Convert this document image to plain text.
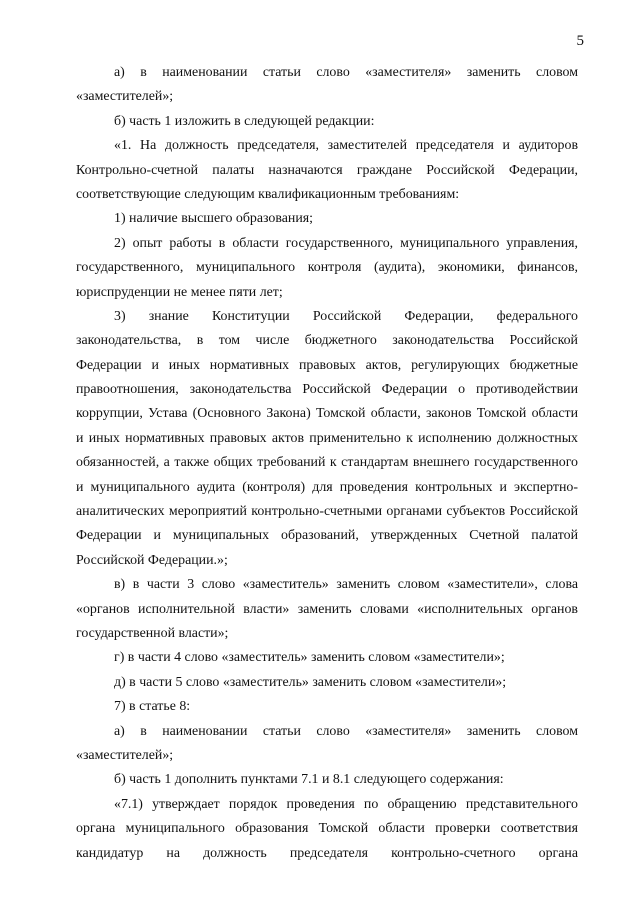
5
а) в наименовании статьи слово «заместителя» заменить словом
«заместителей»;
б) часть 1 изложить в следующей редакции:
«1. На должность председателя, заместителей председателя и аудиторов
Контрольно-счетной палаты назначаются граждане Российской Федерации,
соответствующие следующим квалификационным требованиям:
1) наличие высшего образования;
2) опыт работы в области государственного, муниципального управления,
государственного, муниципального контроля (аудита), экономики, финансов,
юриспруденции не менее пяти лет;
3) знание Конституции Российской Федерации, федерального
законодательства, в том числе бюджетного законодательства Российской
Федерации и иных нормативных правовых актов, регулирующих бюджетные
правоотношения, законодательства Российской Федерации о противодействии
коррупции, Устава (Основного Закона) Томской области, законов Томской области
и иных нормативных правовых актов применительно к исполнению должностных
обязанностей, а также общих требований к стандартам внешнего государственного
и муниципального аудита (контроля) для проведения контрольных и экспертно-
аналитических мероприятий контрольно-счетными органами субъектов Российской
Федерации и муниципальных образований, утвержденных Счетной палатой
Российской Федерации.»;
в) в части 3 слово «заместитель» заменить словом «заместители», слова
«органов исполнительной власти» заменить словами «исполнительных органов
государственной власти»;
г) в части 4 слово «заместитель» заменить словом «заместители»;
д) в части 5 слово «заместитель» заменить словом «заместители»;
7) в статье 8:
а) в наименовании статьи слово «заместителя» заменить словом
«заместителей»;
б) часть 1 дополнить пунктами 7.1 и 8.1 следующего содержания:
«7.1) утверждает порядок проведения по обращению представительного
органа муниципального образования Томской области проверки соответствия
кандидатур на должность председателя контрольно-счетного органа
